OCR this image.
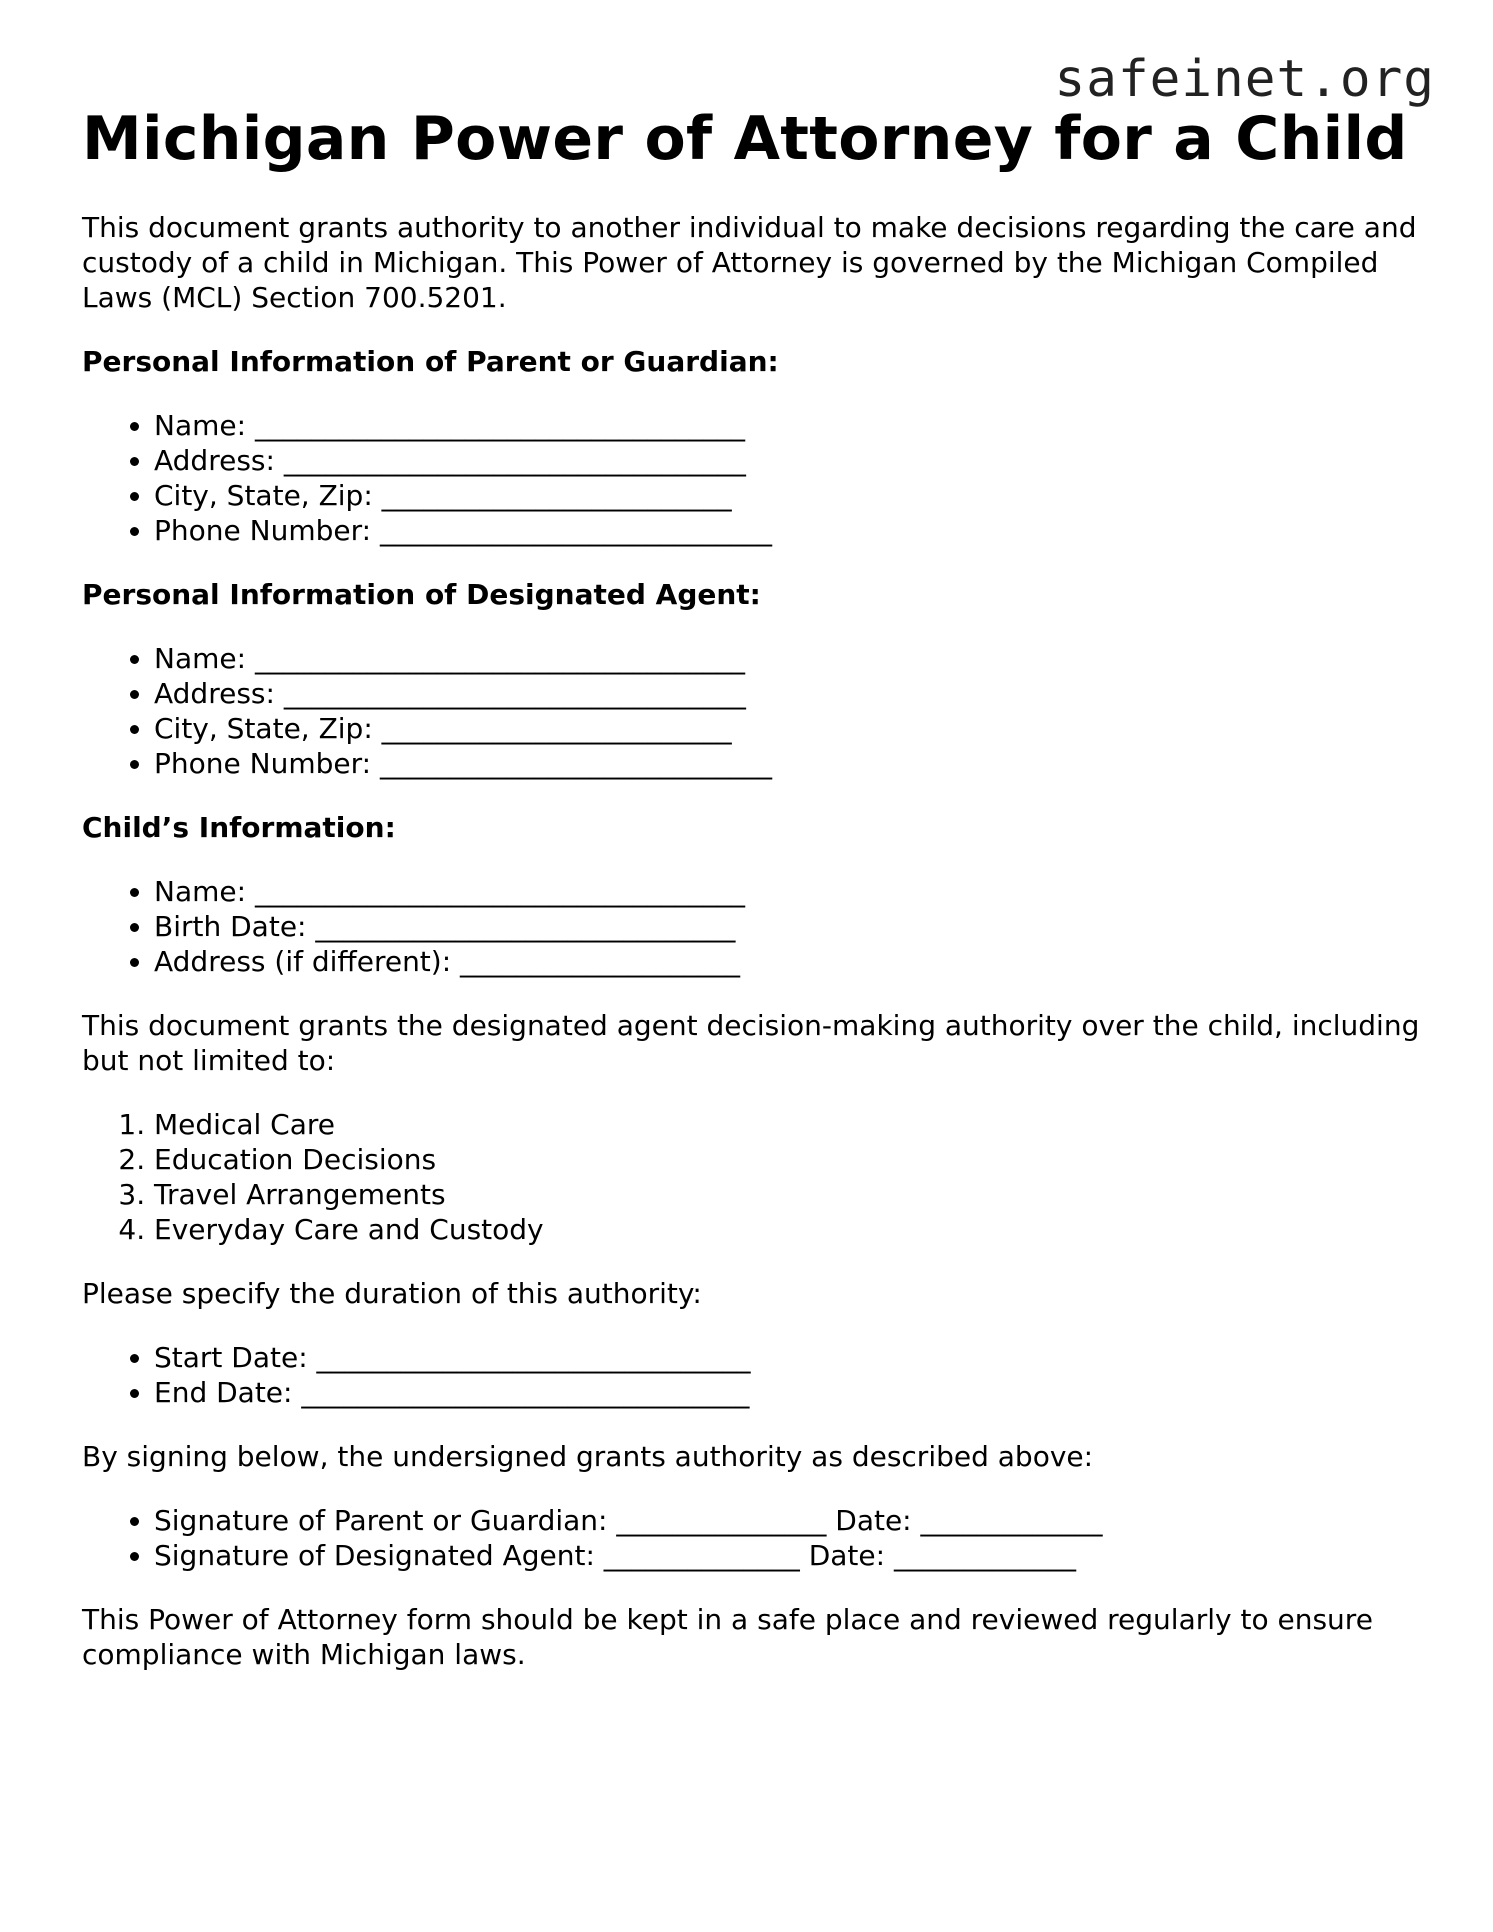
safeinet.org
Michigan Power of Attorney for a Child

This document grants authority to another individual to make decisions regarding the care and custody of a child in Michigan. This Power of Attorney is governed by the Michigan Compiled Laws (MCL) Section 700.5201.

Personal Information of Parent or Guardian:
• Name: ___________________________________
• Address: _________________________________
• City, State, Zip: _________________________
• Phone Number: ____________________________
Personal Information of Designated Agent:
• Name: ___________________________________
• Address: _________________________________
• City, State, Zip: _________________________
• Phone Number: ____________________________
Child’s Information:
• Name: ___________________________________
• Birth Date: ______________________________
• Address (if different): ____________________

This document grants the designated agent decision-making authority over the child, including but not limited to:

1. Medical Care
2. Education Decisions
3. Travel Arrangements
4. Everyday Care and Custody

Please specify the duration of this authority:

• Start Date: _______________________________
• End Date: ________________________________

By signing below, the undersigned grants authority as described above:

• Signature of Parent or Guardian: _______________ Date: _____________
• Signature of Designated Agent: ______________ Date: _____________

This Power of Attorney form should be kept in a safe place and reviewed regularly to ensure compliance with Michigan laws.
